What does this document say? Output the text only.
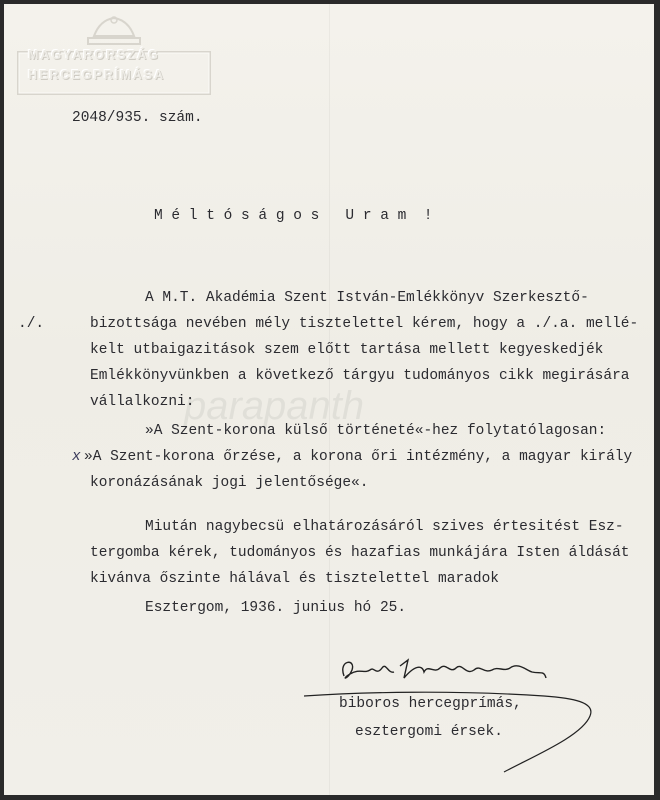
MAGYARORSZÁG
HERCEGPRÍMÁSA
2048/935. szám.
M é l t ó s á g o s   U r a m  !
./.
A M.T. Akadémia Szent István-Emlékkönyv Szerkesztő-
bizottsága nevében mély tisztelettel kérem, hogy a ./.a. mellé-
kelt utbaigazitások szem előtt tartása mellett kegyeskedjék
Emlékkönyvünkben a következő tárgyu tudományos cikk megirására
vállalkozni:
»A Szent-korona külső történeté«-hez folytatólagosan:
x »A Szent-korona őrzése, a korona őri intézmény, a magyar király
koronázásának jogi jelentősége«.
Miután nagybecsü elhatározásáról szives értesitést Esz-
tergomba kérek, tudományos és hazafias munkájára Isten áldását
kivánva őszinte hálával és tisztelettel maradok
Esztergom, 1936. junius hó 25.
parapanth
Serédi Jusztinián
biboros hercegprímás,
esztergomi érsek.
